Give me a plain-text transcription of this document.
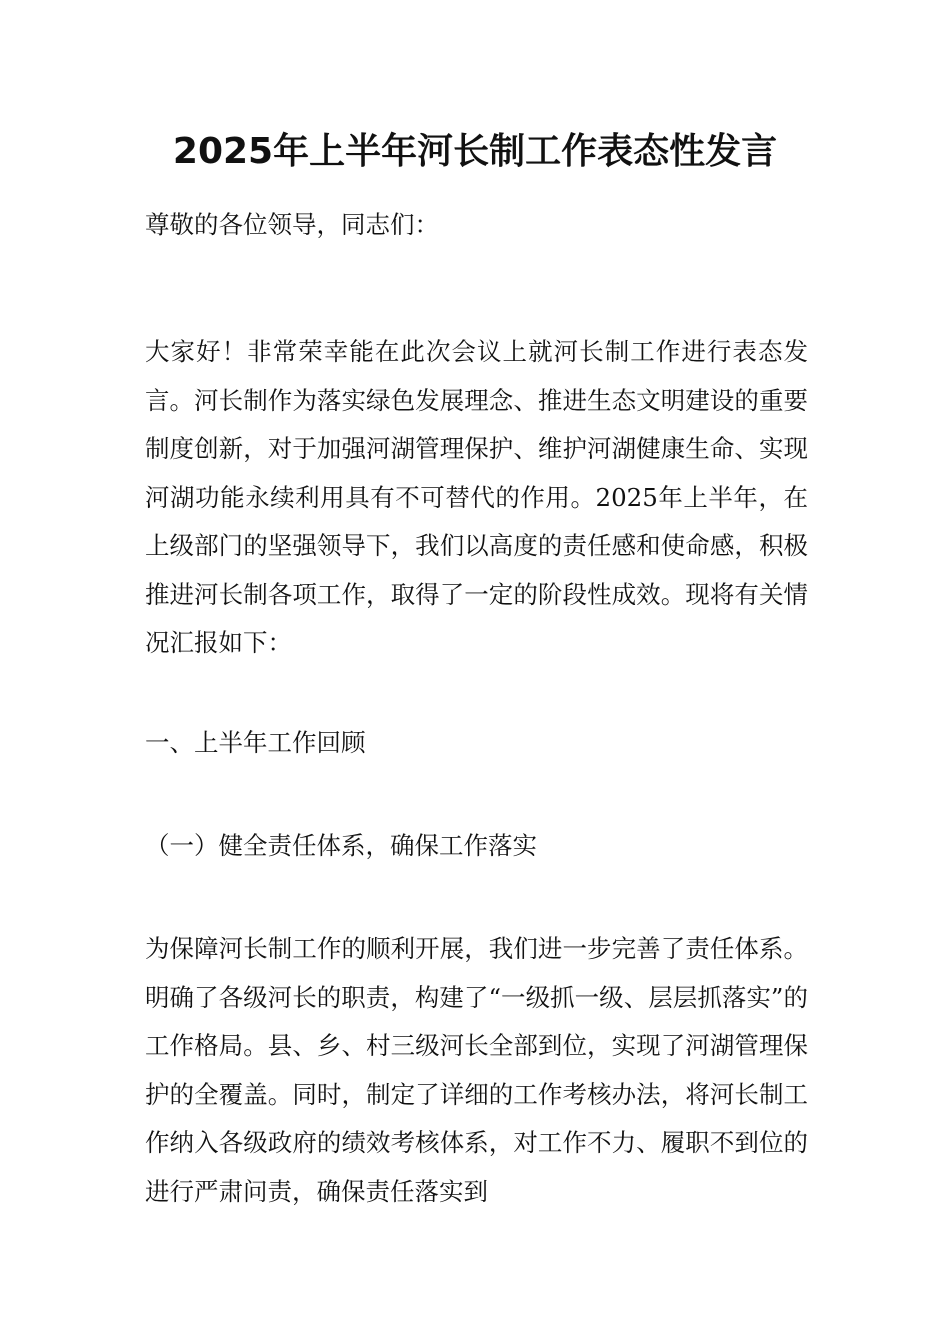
2025年上半年河长制工作表态性发言

尊敬的各位领导，同志们：

大家好！非常荣幸能在此次会议上就河长制工作进行表态发言。河长制作为落实绿色发展理念、推进生态文明建设的重要制度创新，对于加强河湖管理保护、维护河湖健康生命、实现河湖功能永续利用具有不可替代的作用。2025年上半年，在上级部门的坚强领导下，我们以高度的责任感和使命感，积极推进河长制各项工作，取得了一定的阶段性成效。现将有关情况汇报如下：

一、上半年工作回顾

（一）健全责任体系，确保工作落实

为保障河长制工作的顺利开展，我们进一步完善了责任体系。明确了各级河长的职责，构建了“一级抓一级、层层抓落实”的工作格局。县、乡、村三级河长全部到位，实现了河湖管理保护的全覆盖。同时，制定了详细的工作考核办法，将河长制工作纳入各级政府的绩效考核体系，对工作不力、履职不到位的进行严肃问责，确保责任落实到
